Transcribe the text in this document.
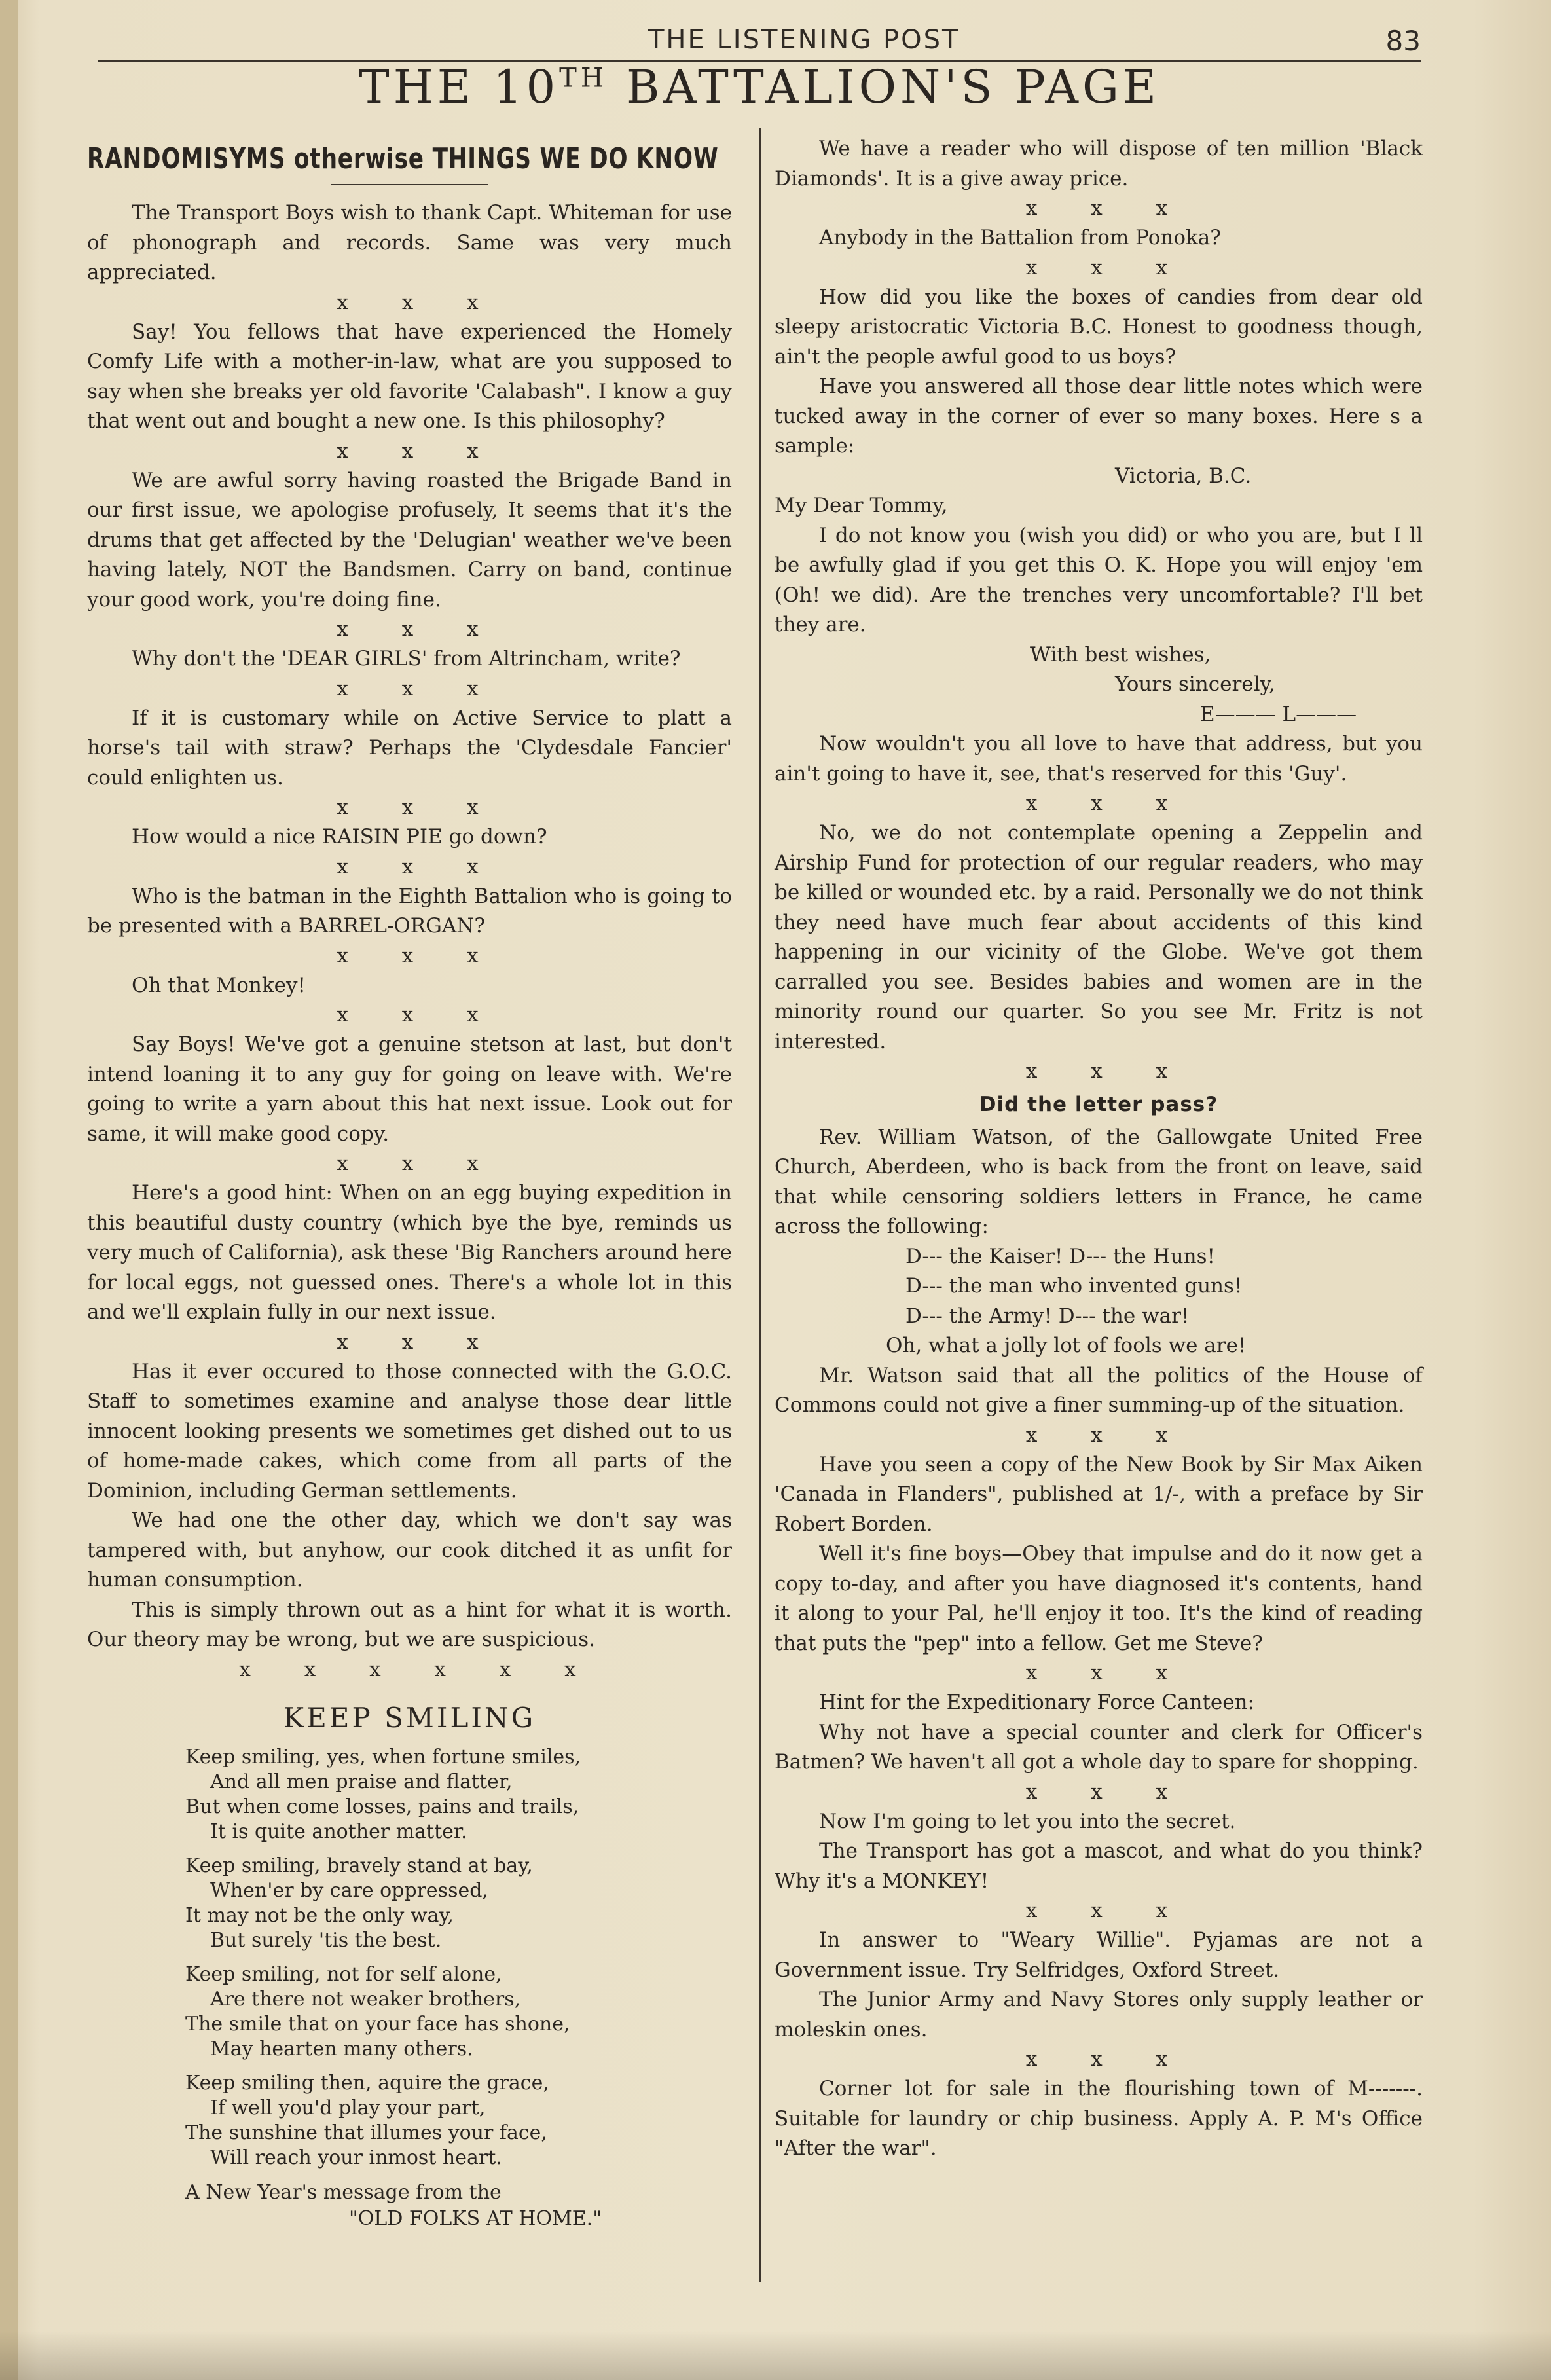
THE LISTENING POST	83
THE 10TH BATTALION'S PAGE
RANDOMISYMS otherwise THINGS WE DO KNOW

The Transport Boys wish to thank Capt. Whiteman for use of phonograph and records. Same was very much appreciated.

x x x

Say! You fellows that have experienced the Homely Comfy Life with a mother-in-law, what are you supposed to say when she breaks yer old favorite 'Calabash". I know a guy that went out and bought a new one. Is this philosophy?

x x x

We are awful sorry having roasted the Brigade Band in our first issue, we apologise profusely, It seems that it's the drums that get affected by the 'Delugian' weather we've been having lately, NOT the Bandsmen. Carry on band, continue your good work, you're doing fine.

x x x

Why don't the 'DEAR GIRLS' from Altrincham, write?

x x x

If it is customary while on Active Service to platt a horse's tail with straw? Perhaps the 'Clydesdale Fancier' could enlighten us.

x x x

How would a nice RAISIN PIE go down?

x x x

Who is the batman in the Eighth Battalion who is going to be presented with a BARREL-ORGAN?

x x x

Oh that Monkey!

x x x

Say Boys! We've got a genuine stetson at last, but don't intend loaning it to any guy for going on leave with. We're going to write a yarn about this hat next issue. Look out for same, it will make good copy.

x x x

Here's a good hint: When on an egg buying expedition in this beautiful dusty country (which bye the bye, reminds us very much of California), ask these 'Big Ranchers around here for local eggs, not guessed ones. There's a whole lot in this and we'll explain fully in our next issue.

x x x

Has it ever occured to those connected with the G.O.C. Staff to sometimes examine and analyse those dear little innocent looking presents we sometimes get dished out to us of home-made cakes, which come from all parts of the Dominion, including German settlements.

We had one the other day, which we don't say was tampered with, but anyhow, our cook ditched it as unfit for human consumption.

This is simply thrown out as a hint for what it is worth. Our theory may be wrong, but we are suspicious.

x x x x x x

KEEP SMILING
Keep smiling, yes, when fortune smiles,
And all men praise and flatter,
But when come losses, pains and trails,
It is quite another matter.
Keep smiling, bravely stand at bay,
When'er by care oppressed,
It may not be the only way,
But surely 'tis the best.
Keep smiling, not for self alone,
Are there not weaker brothers,
The smile that on your face has shone,
May hearten many others.
Keep smiling then, aquire the grace,
If well you'd play your part,
The sunshine that illumes your face,
Will reach your inmost heart.
A New Year's message from the
"OLD FOLKS AT HOME."

We have a reader who will dispose of ten million 'Black Diamonds'. It is a give away price.

x x x

Anybody in the Battalion from Ponoka?

x x x

How did you like the boxes of candies from dear old sleepy aristocratic Victoria B.C. Honest to goodness though, ain't the people awful good to us boys?

Have you answered all those dear little notes which were tucked away in the corner of ever so many boxes. Here s a sample:

Victoria, B.C.

My Dear Tommy,

I do not know you (wish you did) or who you are, but I ll be awfully glad if you get this O. K. Hope you will enjoy 'em (Oh! we did). Are the trenches very uncomfortable? I'll bet they are.

With best wishes,

Yours sincerely,

E——— L———

Now wouldn't you all love to have that address, but you ain't going to have it, see, that's reserved for this 'Guy'.

x x x

No, we do not contemplate opening a Zeppelin and Airship Fund for protection of our regular readers, who may be killed or wounded etc. by a raid. Personally we do not think they need have much fear about accidents of this kind happening in our vicinity of the Globe. We've got them carralled you see. Besides babies and women are in the minority round our quarter. So you see Mr. Fritz is not interested.

x x x

Did the letter pass?

Rev. William Watson, of the Gallowgate United Free Church, Aberdeen, who is back from the front on leave, said that while censoring soldiers letters in France, he came across the following:

D--- the Kaiser! D--- the Huns!

D--- the man who invented guns!

D--- the Army! D--- the war!

Oh, what a jolly lot of fools we are!

Mr. Watson said that all the politics of the House of Commons could not give a finer summing-up of the situation.

x x x

Have you seen a copy of the New Book by Sir Max Aiken 'Canada in Flanders", published at 1/-, with a preface by Sir Robert Borden.

Well it's fine boys—Obey that impulse and do it now get a copy to-day, and after you have diagnosed it's contents, hand it along to your Pal, he'll enjoy it too. It's the kind of reading that puts the "pep" into a fellow. Get me Steve?

x x x

Hint for the Expeditionary Force Canteen:

Why not have a special counter and clerk for Officer's Batmen? We haven't all got a whole day to spare for shopping.

x x x

Now I'm going to let you into the secret.

The Transport has got a mascot, and what do you think? Why it's a MONKEY!

x x x

In answer to "Weary Willie". Pyjamas are not a Government issue. Try Selfridges, Oxford Street.

The Junior Army and Navy Stores only supply leather or moleskin ones.

x x x

Corner lot for sale in the flourishing town of M-------. Suitable for laundry or chip business. Apply A. P. M's Office "After the war".
